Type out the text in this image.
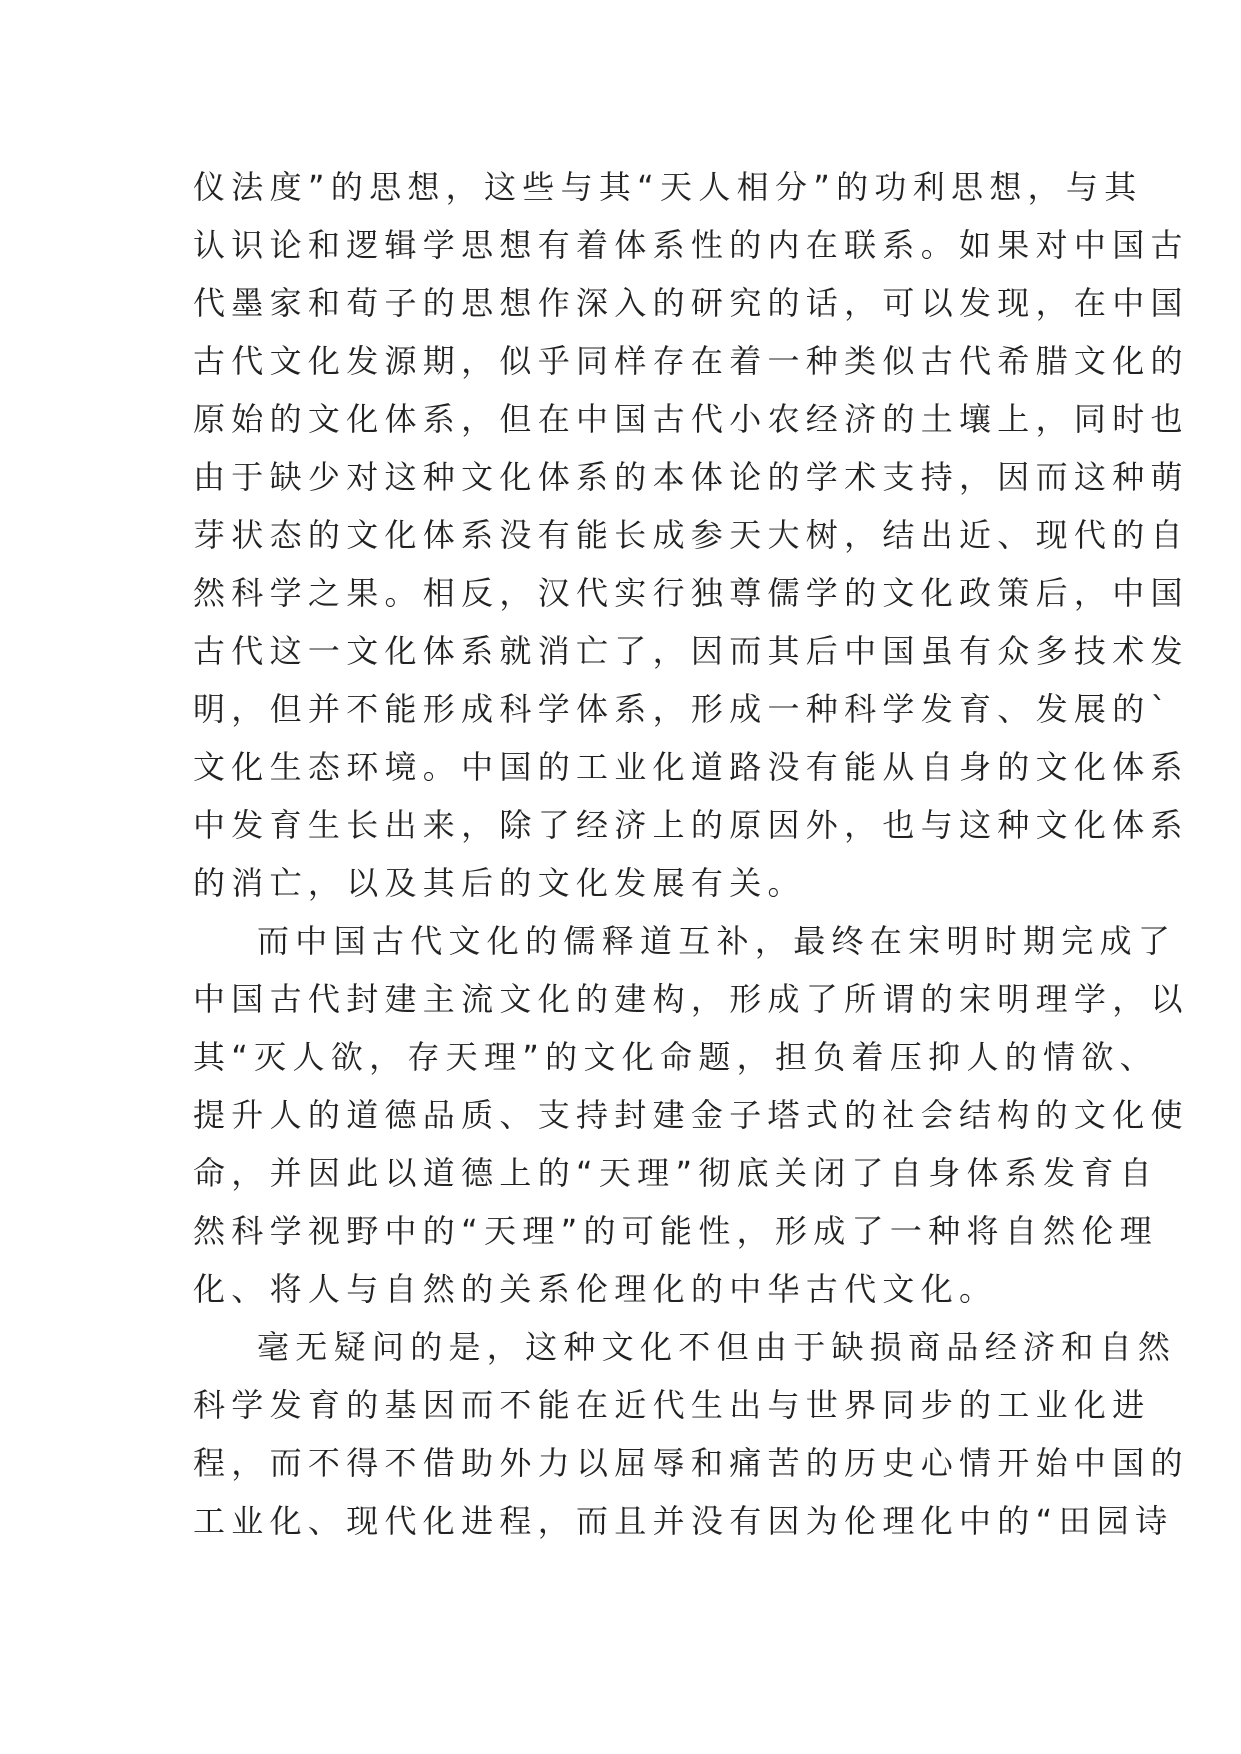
仪法度”的思想，这些与其“天人相分”的功利思想，与其
认识论和逻辑学思想有着体系性的内在联系。如果对中国古
代墨家和荀子的思想作深入的研究的话，可以发现，在中国
古代文化发源期，似乎同样存在着一种类似古代希腊文化的
原始的文化体系，但在中国古代小农经济的土壤上，同时也
由于缺少对这种文化体系的本体论的学术支持，因而这种萌
芽状态的文化体系没有能长成参天大树，结出近、现代的自
然科学之果。相反，汉代实行独尊儒学的文化政策后，中国
古代这一文化体系就消亡了，因而其后中国虽有众多技术发
明，但并不能形成科学体系，形成一种科学发育、发展的`
文化生态环境。中国的工业化道路没有能从自身的文化体系
中发育生长出来，除了经济上的原因外，也与这种文化体系
的消亡，以及其后的文化发展有关。
而中国古代文化的儒释道互补，最终在宋明时期完成了
中国古代封建主流文化的建构，形成了所谓的宋明理学，以
其“灭人欲，存天理”的文化命题，担负着压抑人的情欲、
提升人的道德品质、支持封建金子塔式的社会结构的文化使
命，并因此以道德上的“天理”彻底关闭了自身体系发育自
然科学视野中的“天理”的可能性，形成了一种将自然伦理
化、将人与自然的关系伦理化的中华古代文化。
毫无疑问的是，这种文化不但由于缺损商品经济和自然
科学发育的基因而不能在近代生出与世界同步的工业化进
程，而不得不借助外力以屈辱和痛苦的历史心情开始中国的
工业化、现代化进程，而且并没有因为伦理化中的“田园诗
